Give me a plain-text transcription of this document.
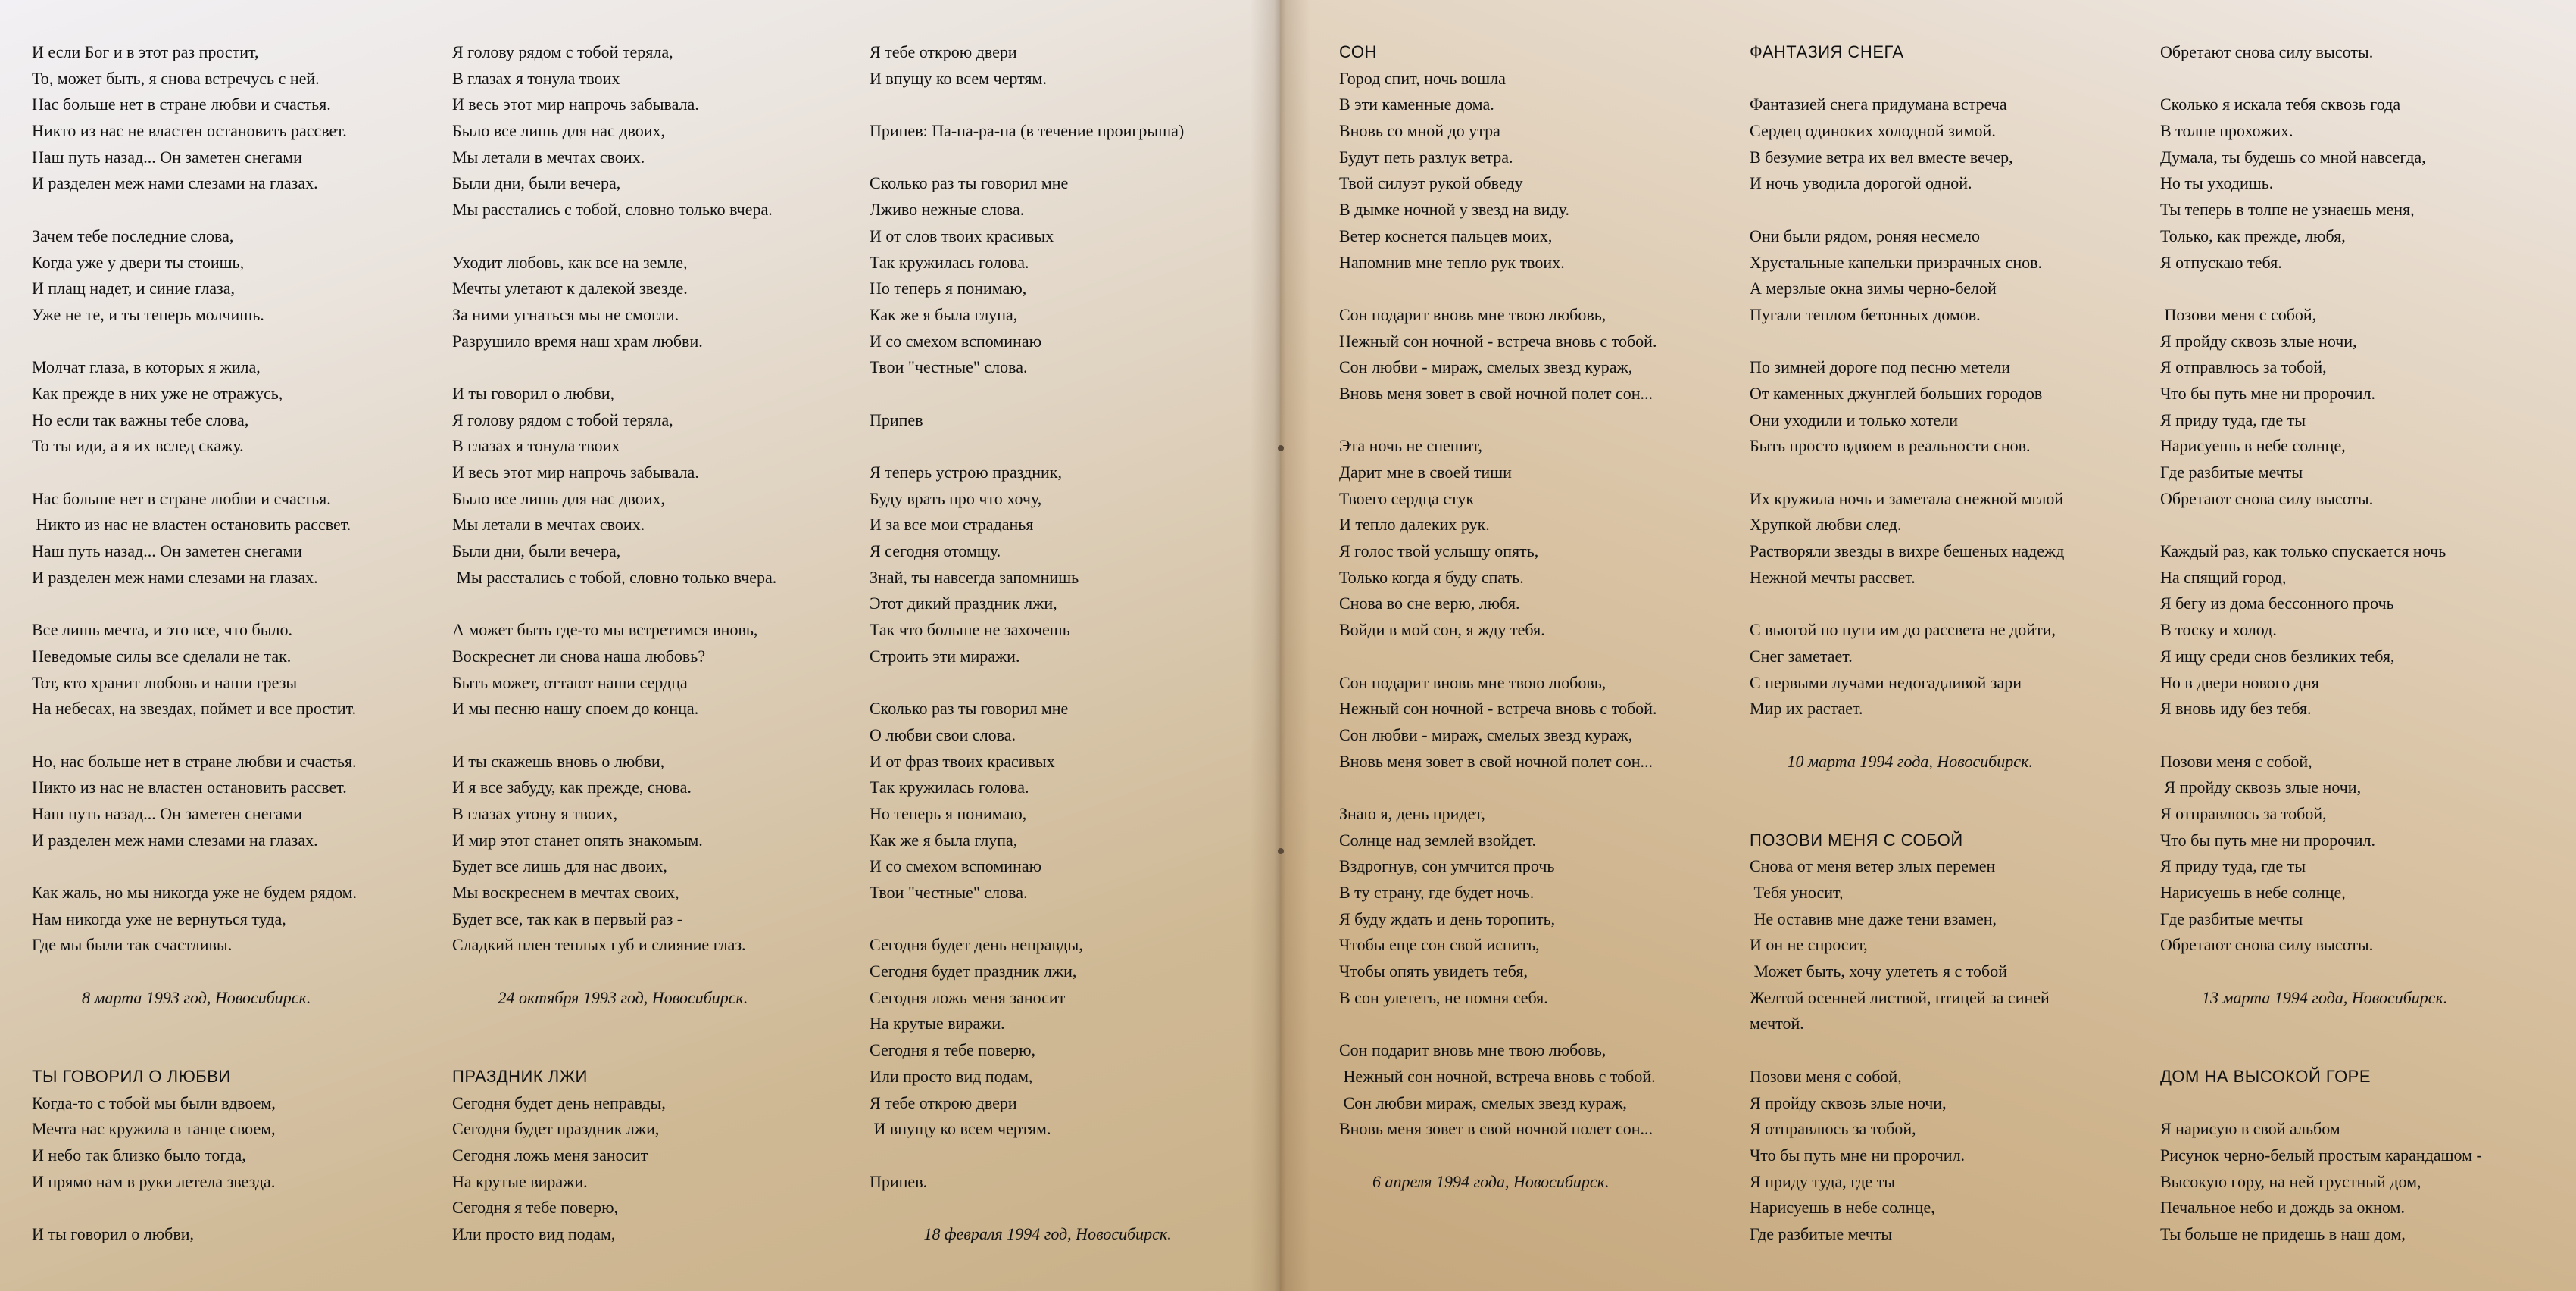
И если Бог и в этот раз простит,
То, может быть, я снова встречусь с ней.
Нас больше нет в стране любви и счастья.
Никто из нас не властен остановить рассвет.
Наш путь назад... Он заметен снегами
И разделен меж нами слезами на глазах.
Зачем тебе последние слова,
Когда уже у двери ты стоишь,
И плащ надет, и синие глаза,
Уже не те, и ты теперь молчишь.
Молчат глаза, в которых я жила,
Как прежде в них уже не отражусь,
Но если так важны тебе слова,
То ты иди, а я их вслед скажу.
Нас больше нет в стране любви и счастья.
Никто из нас не властен остановить рассвет.
Наш путь назад... Он заметен снегами
И разделен меж нами слезами на глазах.
Все лишь мечта, и это все, что было.
Неведомые силы все сделали не так.
Тот, кто хранит любовь и наши грезы
На небесах, на звездах, поймет и все простит.
Но, нас больше нет в стране любви и счастья.
Никто из нас не властен остановить рассвет.
Наш путь назад... Он заметен снегами
И разделен меж нами слезами на глазах.
Как жаль, но мы никогда уже не будем рядом.
Нам никогда уже не вернуться туда,
Где мы были так счастливы.
8 марта 1993 год, Новосибирск.
ТЫ ГОВОРИЛ О ЛЮБВИ
Когда-то с тобой мы были вдвоем,
Мечта нас кружила в танце своем,
И небо так близко было тогда,
И прямо нам в руки летела звезда.
И ты говорил о любви,
Я голову рядом с тобой теряла,
В глазах я тонула твоих
И весь этот мир напрочь забывала.
Было все лишь для нас двоих,
Мы летали в мечтах своих.
Были дни, были вечера,
Мы расстались с тобой, словно только вчера.
Уходит любовь, как все на земле,
Мечты улетают к далекой звезде.
За ними угнаться мы не смогли.
Разрушило время наш храм любви.
И ты говорил о любви,
Я голову рядом с тобой теряла,
В глазах я тонула твоих
И весь этот мир напрочь забывала.
Было все лишь для нас двоих,
Мы летали в мечтах своих.
Были дни, были вечера,
Мы расстались с тобой, словно только вчера.
А может быть где-то мы встретимся вновь,
Воскреснет ли снова наша любовь?
Быть может, оттают наши сердца
И мы песню нашу споем до конца.
И ты скажешь вновь о любви,
И я все забуду, как прежде, снова.
В глазах утону я твоих,
И мир этот станет опять знакомым.
Будет все лишь для нас двоих,
Мы воскреснем в мечтах своих,
Будет все, так как в первый раз -
Сладкий плен теплых губ и слияние глаз.
24 октября 1993 год, Новосибирск.
ПРАЗДНИК ЛЖИ
Сегодня будет день неправды,
Сегодня будет праздник лжи,
Сегодня ложь меня заносит
На крутые виражи.
Сегодня я тебе поверю,
Или просто вид подам,
Я тебе открою двери
И впущу ко всем чертям.
Припев: Па-па-ра-па (в течение проигрыша)
Сколько раз ты говорил мне
Лживо нежные слова.
И от слов твоих красивых
Так кружилась голова.
Но теперь я понимаю,
Как же я была глупа,
И со смехом вспоминаю
Твои "честные" слова.
Припев
Я теперь устрою праздник,
Буду врать про что хочу,
И за все мои страданья
Я сегодня отомщу.
Знай, ты навсегда запомнишь
Этот дикий праздник лжи,
Так что больше не захочешь
Строить эти миражи.
Сколько раз ты говорил мне
О любви свои слова.
И от фраз твоих красивых
Так кружилась голова.
Но теперь я понимаю,
Как же я была глупа,
И со смехом вспоминаю
Твои "честные" слова.
Сегодня будет день неправды,
Сегодня будет праздник лжи,
Сегодня ложь меня заносит
На крутые виражи.
Сегодня я тебе поверю,
Или просто вид подам,
Я тебе открою двери
И впущу ко всем чертям.
Припев.
18 февраля 1994 год, Новосибирск.
СОН
Город спит, ночь вошла
В эти каменные дома.
Вновь со мной до утра
Будут петь разлук ветра.
Твой силуэт рукой обведу
В дымке ночной у звезд на виду.
Ветер коснется пальцев моих,
Напомнив мне тепло рук твоих.
Сон подарит вновь мне твою любовь,
Нежный сон ночной - встреча вновь с тобой.
Сон любви - мираж, смелых звезд кураж,
Вновь меня зовет в свой ночной полет сон...
Эта ночь не спешит,
Дарит мне в своей тиши
Твоего сердца стук
И тепло далеких рук.
Я голос твой услышу опять,
Только когда я буду спать.
Снова во сне верю, любя.
Войди в мой сон, я жду тебя.
Сон подарит вновь мне твою любовь,
Нежный сон ночной - встреча вновь с тобой.
Сон любви - мираж, смелых звезд кураж,
Вновь меня зовет в свой ночной полет сон...
Знаю я, день придет,
Солнце над землей взойдет.
Вздрогнув, сон умчится прочь
В ту страну, где будет ночь.
Я буду ждать и день торопить,
Чтобы еще сон свой испить,
Чтобы опять увидеть тебя,
В сон улететь, не помня себя.
Сон подарит вновь мне твою любовь,
Нежный сон ночной, встреча вновь с тобой.
Сон любви мираж, смелых звезд кураж,
Вновь меня зовет в свой ночной полет сон...
6 апреля 1994 года, Новосибирск.
ФАНТАЗИЯ СНЕГА
Фантазией снега придумана встреча
Сердец одиноких холодной зимой.
В безумие ветра их вел вместе вечер,
И ночь уводила дорогой одной.
Они были рядом, роняя несмело
Хрустальные капельки призрачных снов.
А мерзлые окна зимы черно-белой
Пугали теплом бетонных домов.
По зимней дороге под песню метели
От каменных джунглей больших городов
Они уходили и только хотели
Быть просто вдвоем в реальности снов.
Их кружила ночь и заметала снежной мглой
Хрупкой любви след.
Растворяли звезды в вихре бешеных надежд
Нежной мечты рассвет.
С вьюгой по пути им до рассвета не дойти,
Снег заметает.
С первыми лучами недогадливой зари
Мир их растает.
10 марта 1994 года, Новосибирск.
ПОЗОВИ МЕНЯ С СОБОЙ
Снова от меня ветер злых перемен
Тебя уносит,
Не оставив мне даже тени взамен,
И он не спросит,
Может быть, хочу улететь я с тобой
Желтой осенней листвой, птицей за синей
мечтой.
Позови меня с собой,
Я пройду сквозь злые ночи,
Я отправлюсь за тобой,
Что бы путь мне ни пророчил.
Я приду туда, где ты
Нарисуешь в небе солнце,
Где разбитые мечты
Обретают снова силу высоты.
Сколько я искала тебя сквозь года
В толпе прохожих.
Думала, ты будешь со мной навсегда,
Но ты уходишь.
Ты теперь в толпе не узнаешь меня,
Только, как прежде, любя,
Я отпускаю тебя.
Позови меня с собой,
Я пройду сквозь злые ночи,
Я отправлюсь за тобой,
Что бы путь мне ни пророчил.
Я приду туда, где ты
Нарисуешь в небе солнце,
Где разбитые мечты
Обретают снова силу высоты.
Каждый раз, как только спускается ночь
На спящий город,
Я бегу из дома бессонного прочь
В тоску и холод.
Я ищу среди снов безликих тебя,
Но в двери нового дня
Я вновь иду без тебя.
Позови меня с собой,
Я пройду сквозь злые ночи,
Я отправлюсь за тобой,
Что бы путь мне ни пророчил.
Я приду туда, где ты
Нарисуешь в небе солнце,
Где разбитые мечты
Обретают снова силу высоты.
13 марта 1994 года, Новосибирск.
ДОМ НА ВЫСОКОЙ ГОРЕ
Я нарисую в свой альбом
Рисунок черно-белый простым карандашом -
Высокую гору, на ней грустный дом,
Печальное небо и дождь за окном.
Ты больше не придешь в наш дом,
